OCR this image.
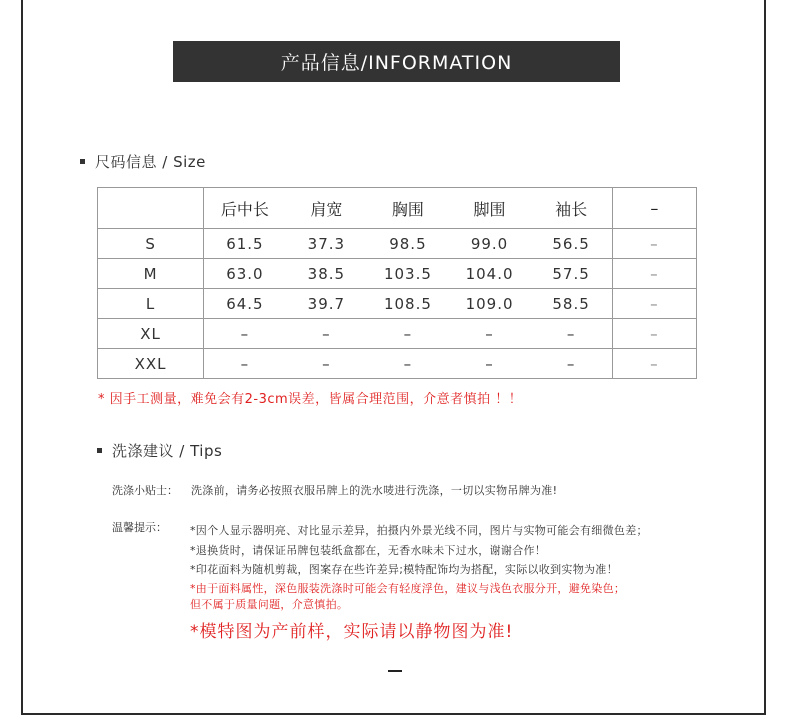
产品信息/INFORMATION
尺码信息 / Size
	后中长	肩宽	胸围	脚围	袖长	–
S	61.5	37.3	98.5	99.0	56.5	–
M	63.0	38.5	103.5	104.0	57.5	–
L	64.5	39.7	108.5	109.0	58.5	–
XL	–	–	–	–	–	–
XXL	–	–	–	–	–	–
* 因手工测量，难免会有2-3cm误差，皆属合理范围，介意者慎拍 ！！
洗涤建议 / Tips
洗涤小贴士： 洗涤前，请务必按照衣服吊牌上的洗水唛进行洗涤，一切以实物吊牌为准!
温馨提示： *因个人显示器明亮、对比显示差异，拍摄内外景光线不同，图片与实物可能会有细微色差；
*退换货时，请保证吊牌包装纸盒都在，无香水味未下过水，谢谢合作！
*印花面料为随机剪裁，图案存在些许差异;模特配饰均为搭配，实际以收到实物为准！
*由于面料属性，深色服装洗涤时可能会有轻度浮色，建议与浅色衣服分开，避免染色；
但不属于质量问题，介意慎拍。
*模特图为产前样，实际请以静物图为准!
